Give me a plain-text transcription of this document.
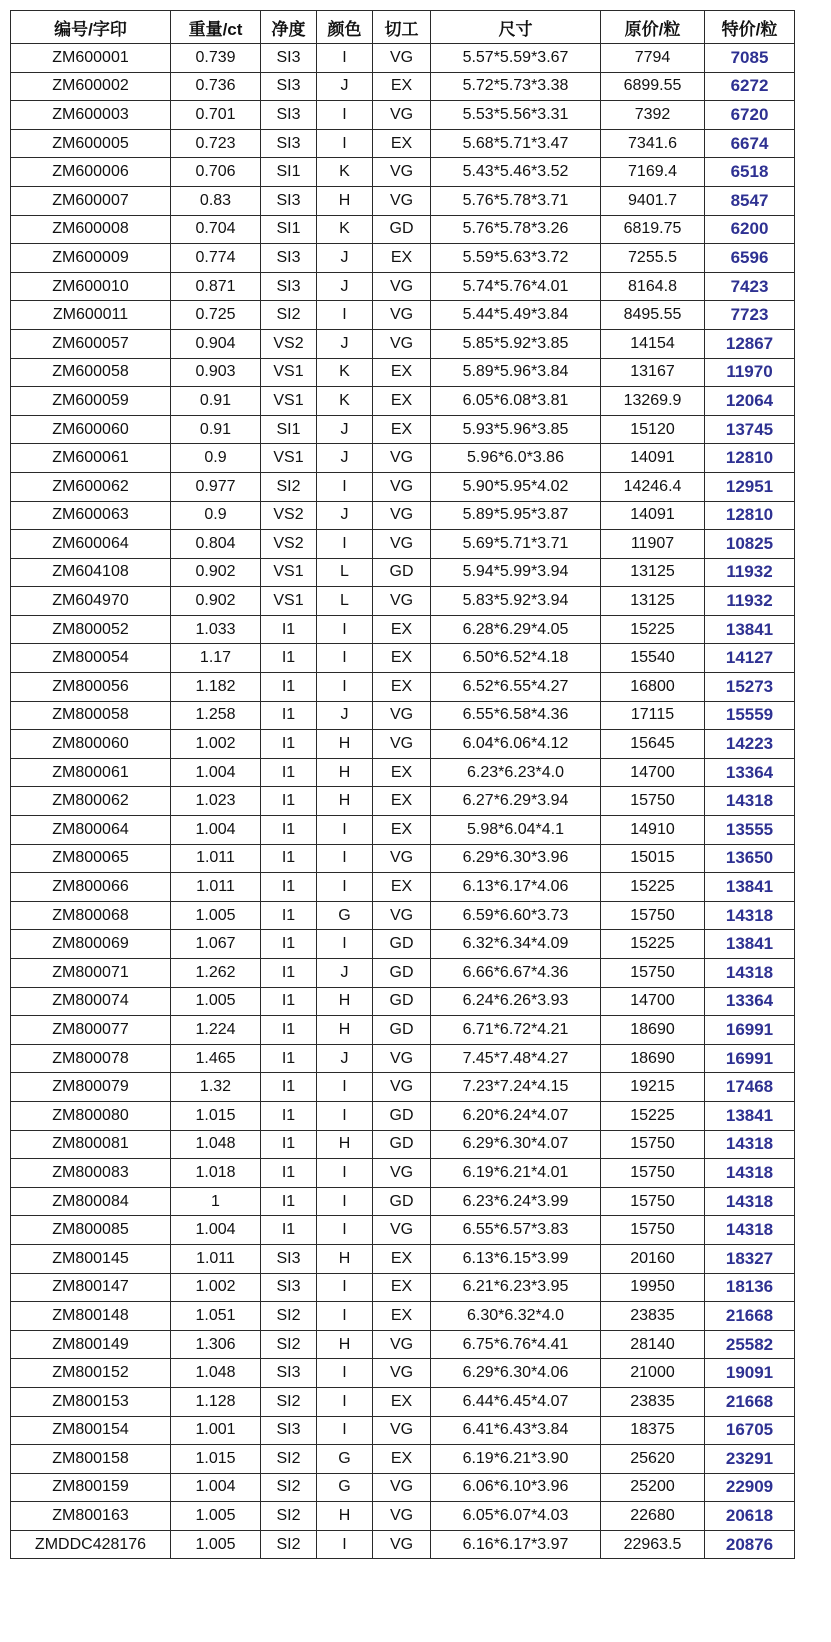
编号/字印	重量/ct	净度	颜色	切工	尺寸	原价/粒	特价/粒
ZM600001	0.739	SI3	I	VG	5.57*5.59*3.67	7794	7085
ZM600002	0.736	SI3	J	EX	5.72*5.73*3.38	6899.55	6272
ZM600003	0.701	SI3	I	VG	5.53*5.56*3.31	7392	6720
ZM600005	0.723	SI3	I	EX	5.68*5.71*3.47	7341.6	6674
ZM600006	0.706	SI1	K	VG	5.43*5.46*3.52	7169.4	6518
ZM600007	0.83	SI3	H	VG	5.76*5.78*3.71	9401.7	8547
ZM600008	0.704	SI1	K	GD	5.76*5.78*3.26	6819.75	6200
ZM600009	0.774	SI3	J	EX	5.59*5.63*3.72	7255.5	6596
ZM600010	0.871	SI3	J	VG	5.74*5.76*4.01	8164.8	7423
ZM600011	0.725	SI2	I	VG	5.44*5.49*3.84	8495.55	7723
ZM600057	0.904	VS2	J	VG	5.85*5.92*3.85	14154	12867
ZM600058	0.903	VS1	K	EX	5.89*5.96*3.84	13167	11970
ZM600059	0.91	VS1	K	EX	6.05*6.08*3.81	13269.9	12064
ZM600060	0.91	SI1	J	EX	5.93*5.96*3.85	15120	13745
ZM600061	0.9	VS1	J	VG	5.96*6.0*3.86	14091	12810
ZM600062	0.977	SI2	I	VG	5.90*5.95*4.02	14246.4	12951
ZM600063	0.9	VS2	J	VG	5.89*5.95*3.87	14091	12810
ZM600064	0.804	VS2	I	VG	5.69*5.71*3.71	11907	10825
ZM604108	0.902	VS1	L	GD	5.94*5.99*3.94	13125	11932
ZM604970	0.902	VS1	L	VG	5.83*5.92*3.94	13125	11932
ZM800052	1.033	I1	I	EX	6.28*6.29*4.05	15225	13841
ZM800054	1.17	I1	I	EX	6.50*6.52*4.18	15540	14127
ZM800056	1.182	I1	I	EX	6.52*6.55*4.27	16800	15273
ZM800058	1.258	I1	J	VG	6.55*6.58*4.36	17115	15559
ZM800060	1.002	I1	H	VG	6.04*6.06*4.12	15645	14223
ZM800061	1.004	I1	H	EX	6.23*6.23*4.0	14700	13364
ZM800062	1.023	I1	H	EX	6.27*6.29*3.94	15750	14318
ZM800064	1.004	I1	I	EX	5.98*6.04*4.1	14910	13555
ZM800065	1.011	I1	I	VG	6.29*6.30*3.96	15015	13650
ZM800066	1.011	I1	I	EX	6.13*6.17*4.06	15225	13841
ZM800068	1.005	I1	G	VG	6.59*6.60*3.73	15750	14318
ZM800069	1.067	I1	I	GD	6.32*6.34*4.09	15225	13841
ZM800071	1.262	I1	J	GD	6.66*6.67*4.36	15750	14318
ZM800074	1.005	I1	H	GD	6.24*6.26*3.93	14700	13364
ZM800077	1.224	I1	H	GD	6.71*6.72*4.21	18690	16991
ZM800078	1.465	I1	J	VG	7.45*7.48*4.27	18690	16991
ZM800079	1.32	I1	I	VG	7.23*7.24*4.15	19215	17468
ZM800080	1.015	I1	I	GD	6.20*6.24*4.07	15225	13841
ZM800081	1.048	I1	H	GD	6.29*6.30*4.07	15750	14318
ZM800083	1.018	I1	I	VG	6.19*6.21*4.01	15750	14318
ZM800084	1	I1	I	GD	6.23*6.24*3.99	15750	14318
ZM800085	1.004	I1	I	VG	6.55*6.57*3.83	15750	14318
ZM800145	1.011	SI3	H	EX	6.13*6.15*3.99	20160	18327
ZM800147	1.002	SI3	I	EX	6.21*6.23*3.95	19950	18136
ZM800148	1.051	SI2	I	EX	6.30*6.32*4.0	23835	21668
ZM800149	1.306	SI2	H	VG	6.75*6.76*4.41	28140	25582
ZM800152	1.048	SI3	I	VG	6.29*6.30*4.06	21000	19091
ZM800153	1.128	SI2	I	EX	6.44*6.45*4.07	23835	21668
ZM800154	1.001	SI3	I	VG	6.41*6.43*3.84	18375	16705
ZM800158	1.015	SI2	G	EX	6.19*6.21*3.90	25620	23291
ZM800159	1.004	SI2	G	VG	6.06*6.10*3.96	25200	22909
ZM800163	1.005	SI2	H	VG	6.05*6.07*4.03	22680	20618
ZMDDC428176	1.005	SI2	I	VG	6.16*6.17*3.97	22963.5	20876
